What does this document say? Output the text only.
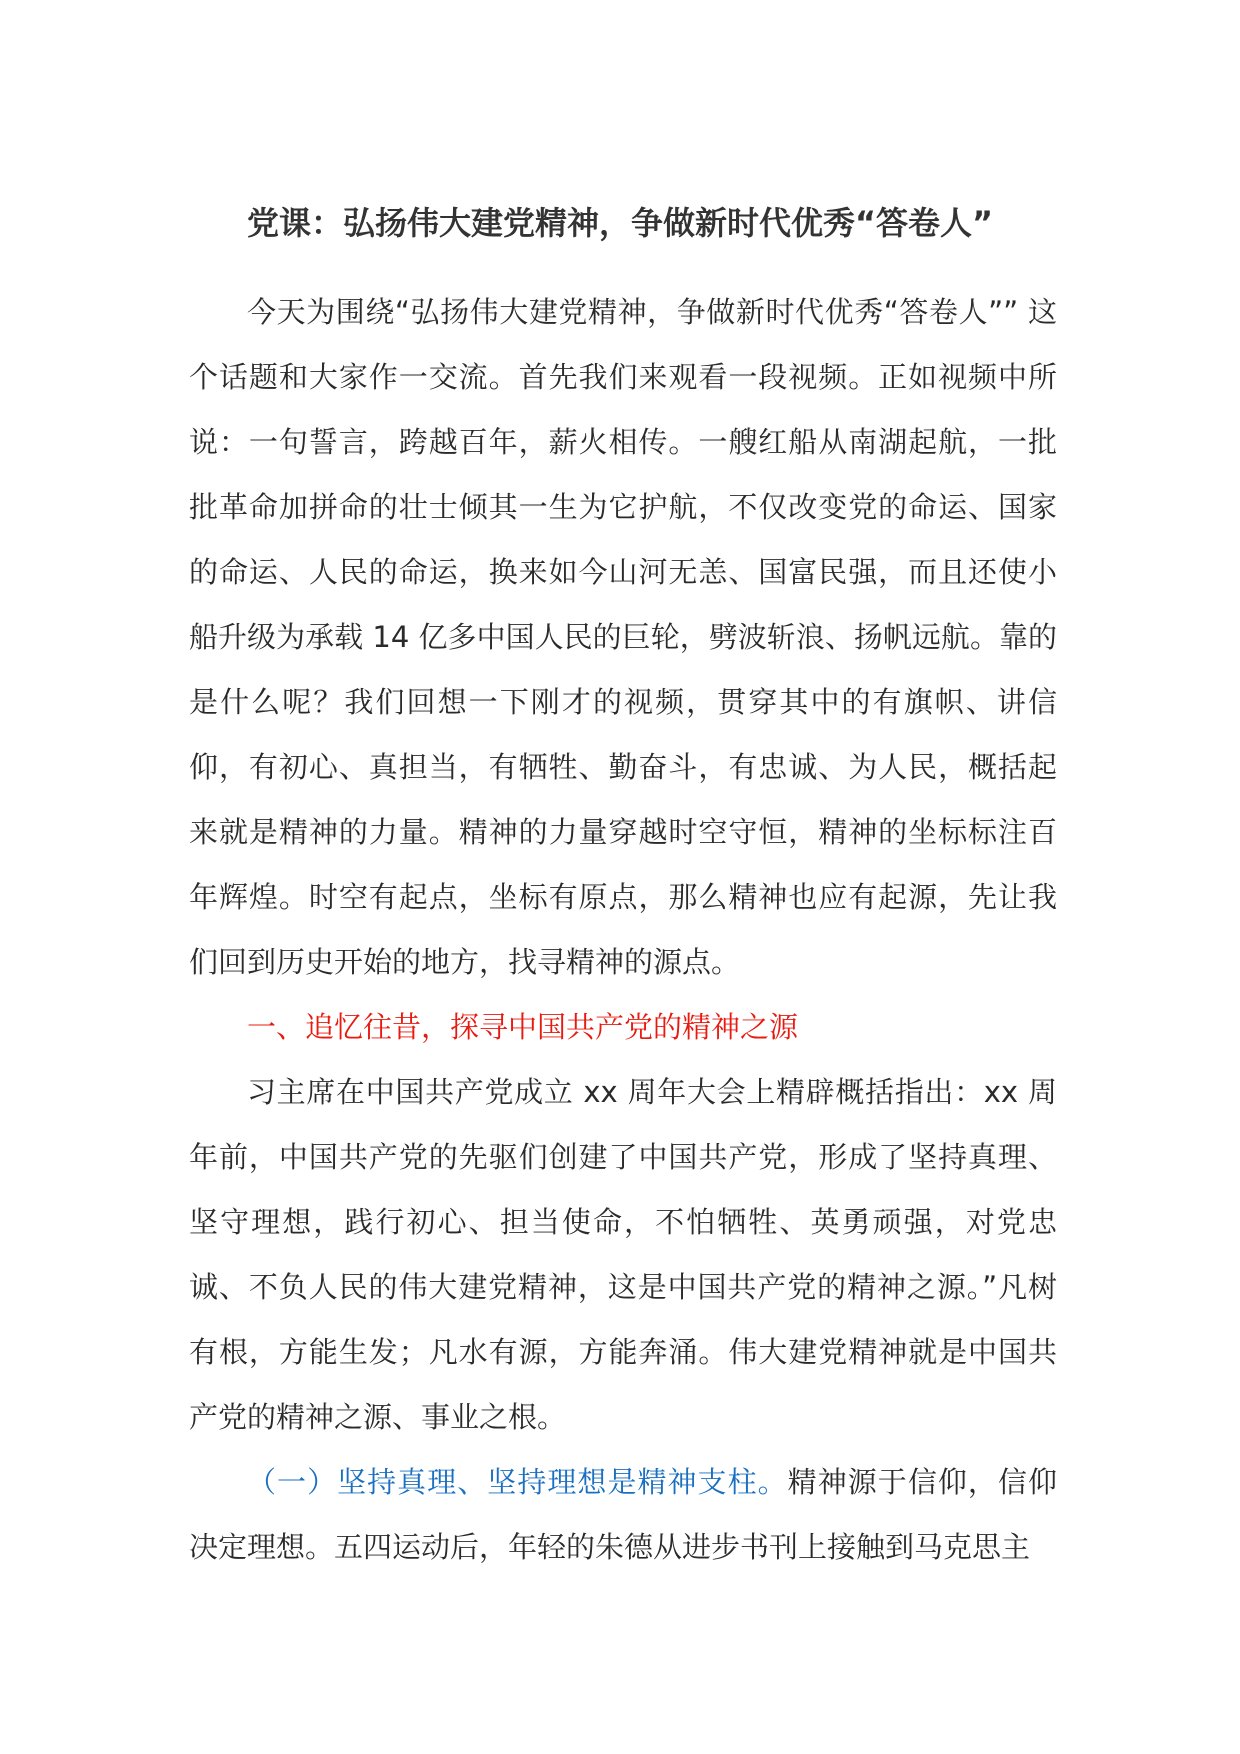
党课：弘扬伟大建党精神，争做新时代优秀“答卷人”

今天为围绕“弘扬伟大建党精神，争做新时代优秀“答卷人”” 这个话题和大家作一交流。首先我们来观看一段视频。正如视频中所说：一句誓言，跨越百年，薪火相传。一艘红船从南湖起航，一批批革命加拼命的壮士倾其一生为它护航，不仅改变党的命运、国家的命运、人民的命运，换来如今山河无恙、国富民强，而且还使小船升级为承载 14 亿多中国人民的巨轮，劈波斩浪、扬帆远航。靠的是什么呢？我们回想一下刚才的视频，贯穿其中的有旗帜、讲信仰，有初心、真担当，有牺牲、勤奋斗，有忠诚、为人民，概括起来就是精神的力量。精神的力量穿越时空守恒，精神的坐标标注百年辉煌。时空有起点，坐标有原点，那么精神也应有起源，先让我们回到历史开始的地方，找寻精神的源点。

一、追忆往昔，探寻中国共产党的精神之源

习主席在中国共产党成立 xx 周年大会上精辟概括指出：xx 周年前，中国共产党的先驱们创建了中国共产党，形成了坚持真理、坚守理想，践行初心、担当使命，不怕牺牲、英勇顽强，对党忠诚、不负人民的伟大建党精神，这是中国共产党的精神之源。”凡树有根，方能生发；凡水有源，方能奔涌。伟大建党精神就是中国共产党的精神之源、事业之根。

（一）坚持真理、坚持理想是精神支柱。精神源于信仰，信仰决定理想。五四运动后，年轻的朱德从进步书刊上接触到马克思主
